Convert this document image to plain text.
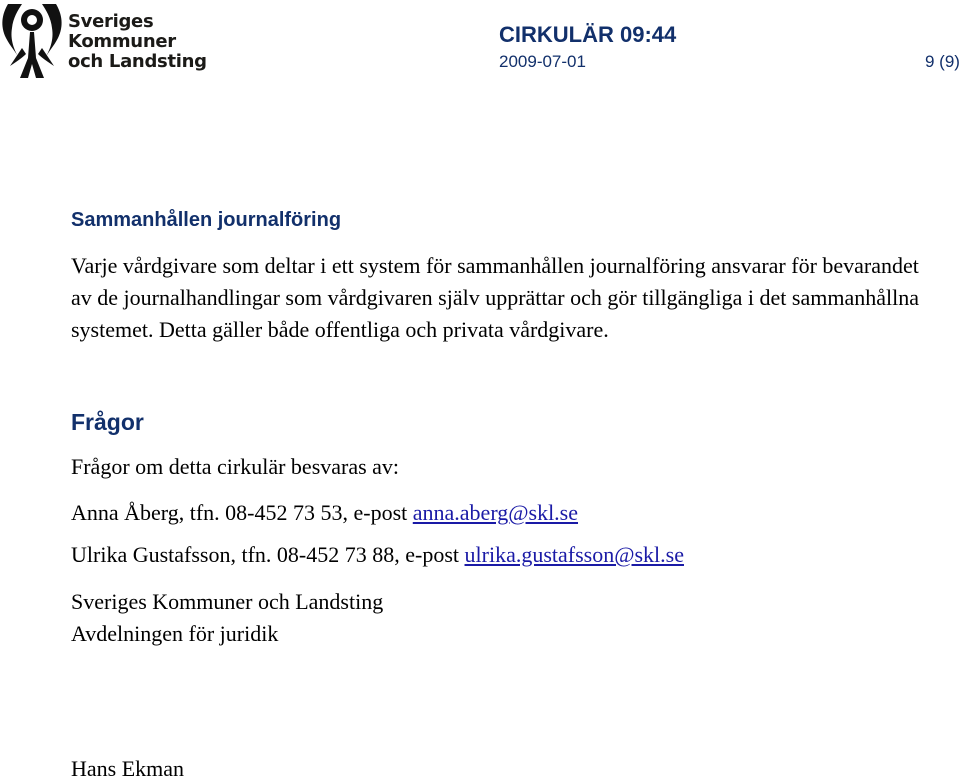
Sveriges
Kommuner
och Landsting
CIRKULÄR 09:44
2009-07-01	9 (9)
Sammanhållen journalföring
Varje vårdgivare som deltar i ett system för sammanhållen journalföring ansvarar för bevarandet av de journalhandlingar som vårdgivaren själv upprättar och gör tillgängliga i det sammanhållna systemet. Detta gäller både offentliga och privata vårdgivare.
Frågor
Frågor om detta cirkulär besvaras av:
Anna Åberg, tfn. 08-452 73 53, e-post anna.aberg@skl.se
Ulrika Gustafsson, tfn. 08-452 73 88, e-post ulrika.gustafsson@skl.se
Sveriges Kommuner och Landsting
Avdelningen för juridik
Hans Ekman
